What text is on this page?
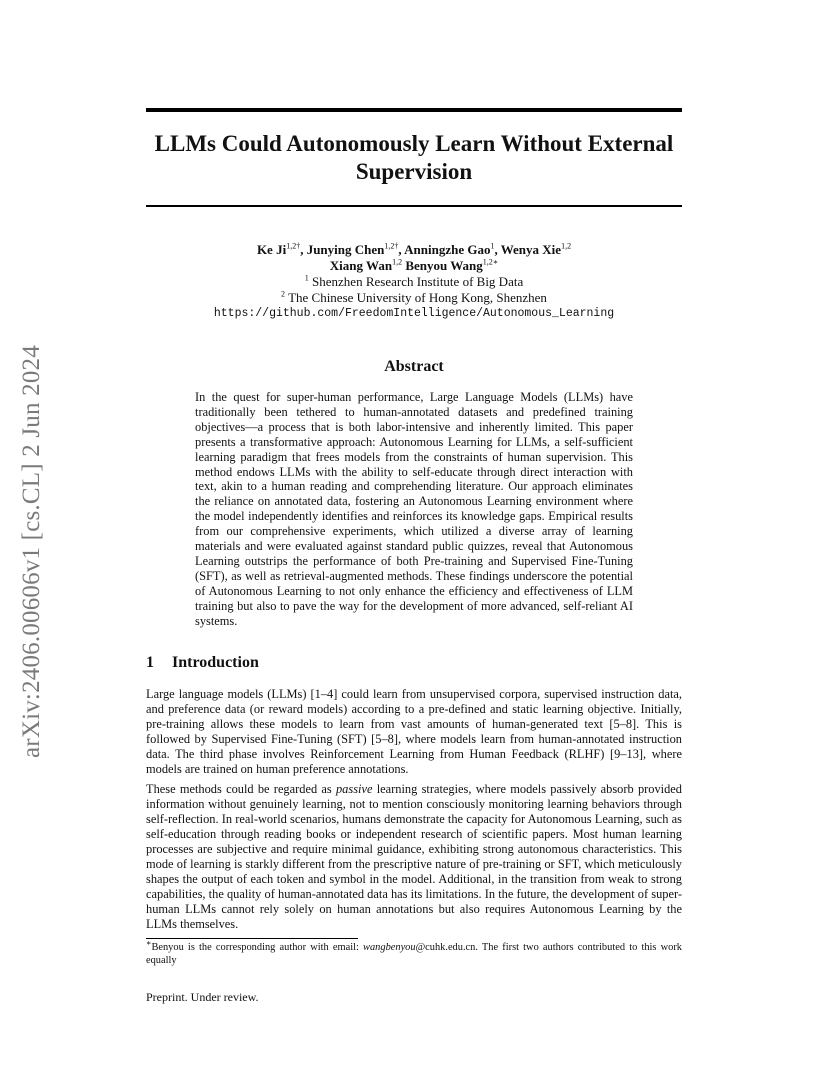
arXiv:2406.00606v1 [cs.CL] 2 Jun 2024
LLMs Could Autonomously Learn Without External Supervision
Ke $Ji^{1,2\dagger}$, Junying Chen$^{1,2\dagger}$, Anningzhe Gao$^1$, Wenya Xie$^{1,2}$
Xiang Wan$^{1,2}$ Benyou Wang$^{1,2∗}$
$^1$ Shenzhen Research Institute of Big Data
$^2$ The Chinese University of Hong Kong, Shenzhen
https://github.com/FreedomIntelligence/Autonomous_Learning
Abstract
In the quest for super-human performance, Large Language Models (LLMs) have traditionally been tethered to human-annotated datasets and predefined training objectives—a process that is both labor-intensive and inherently limited. This paper presents a transformative approach: Autonomous Learning for LLMs, a self-sufficient learning paradigm that frees models from the constraints of human supervision. This method endows LLMs with the ability to self-educate through direct interaction with text, akin to a human reading and comprehending literature. Our approach eliminates the reliance on annotated data, fostering an Autonomous Learning environment where the model independently identifies and reinforces its knowledge gaps. Empirical results from our comprehensive experiments, which utilized a diverse array of learning materials and were evaluated against standard public quizzes, reveal that Autonomous Learning outstrips the performance of both Pre-training and Supervised Fine-Tuning (SFT), as well as retrieval-augmented methods. These findings underscore the potential of Autonomous Learning to not only enhance the efficiency and effectiveness of LLM training but also to pave the way for the development of more advanced, self-reliant AI systems.
1 Introduction
Large language models (LLMs) [1–4] could learn from unsupervised corpora, supervised instruction data, and preference data (or reward models) according to a pre-defined and static learning objective. Initially, pre-training allows these models to learn from vast amounts of human-generated text [5–8]. This is followed by Supervised Fine-Tuning (SFT) [5–8], where models learn from human-annotated instruction data. The third phase involves Reinforcement Learning from Human Feedback (RLHF) [9–13], where models are trained on human preference annotations.
These methods could be regarded as passive learning strategies, where models passively absorb provided information without genuinely learning, not to mention consciously monitoring learning behaviors through self-reflection. In real-world scenarios, humans demonstrate the capacity for Autonomous Learning, such as self-education through reading books or independent research of scientific papers. Most human learning processes are subjective and require minimal guidance, exhibiting strong autonomous characteristics. This mode of learning is starkly different from the prescriptive nature of pre-training or SFT, which meticulously shapes the output of each token and symbol in the model. Additional, in the transition from weak to strong capabilities, the quality of human-annotated data has its limitations. In the future, the development of super-human LLMs cannot rely solely on human annotations but also requires Autonomous Learning by the LLMs themselves.
∗Benyou is the corresponding author with email: wangbenyou@cuhk.edu.cn. The first two authors contributed to this work equally
Preprint. Under review.
